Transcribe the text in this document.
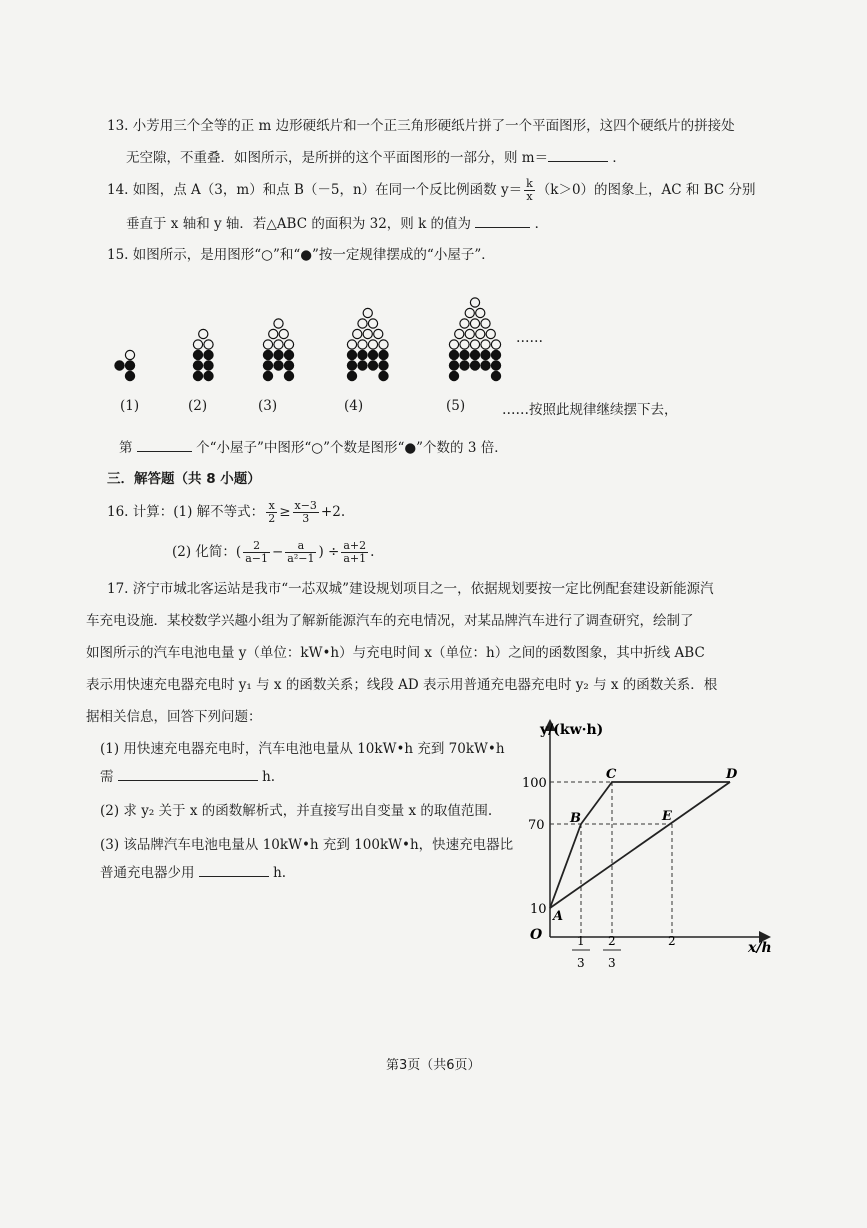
13. 小芳用三个全等的正 m 边形硬纸片和一个正三角形硬纸片拼了一个平面图形，这四个硬纸片的拼接处
无空隙，不重叠．如图所示，是所拼的这个平面图形的一部分，则 m＝	．
14. 如图，点 A（3，m）和点 B（－5，n）在同一个反比例函数 $y= \frac{k}{x} (k>0)$的图象上，AC 和 BC 分别
垂直于 x 轴和 y 轴．若△ABC 的面积为 32，则 k 的值为	．
15. 如图所示，是用图形“○”和“●”按一定规律摆成的“小屋子”．
……
(1)	(2)	(3)	(4)	(5)	……按照此规律继续摆下去，
第	个“小屋子”中图形“○”个数是图形“●”个数的 3 倍．
三．解答题（共 8 小题）
16. 计算：(1) 解不等式： $\frac{x}{2} \ge \frac{x-3}{3} +2$.
(2) 化简：( $\frac{2}{a-1} - \frac{a}{\text{a²−1}}$ ) ÷ $\frac{a+2}{a+1}$ .
17. 济宁市城北客运站是我市“一芯双城”建设规划项目之一，依据规划要按一定比例配套建设新能源汽
车充电设施．某校数学兴趣小组为了解新能源汽车的充电情况，对某品牌汽车进行了调查研究，绘制了
如图所示的汽车电池电量 y（单位：kW•h）与充电时间 x（单位：h）之间的函数图象，其中折线 ABC
表示用快速充电器充电时 y₁ 与 x 的函数关系；线段 AD 表示用普通充电器充电时 y₂ 与 x 的函数关系．根
据相关信息，回答下列问题：
(1) 用快速充电器充电时，汽车电池电量从 10kW•h 充到 70kW•h
需	h.
(2) 求 y₂ 关于 x 的函数解析式，并直接写出自变量 x 的取值范围.
(3) 该品牌汽车电池电量从 10kW•h 充到 100kW•h，快速充电器比
普通充电器少用	h.
y/(kw·h)
x/h
O
100
70
10 A
B
C	D
E
1
3
2
3
2
第3页（共6页）
